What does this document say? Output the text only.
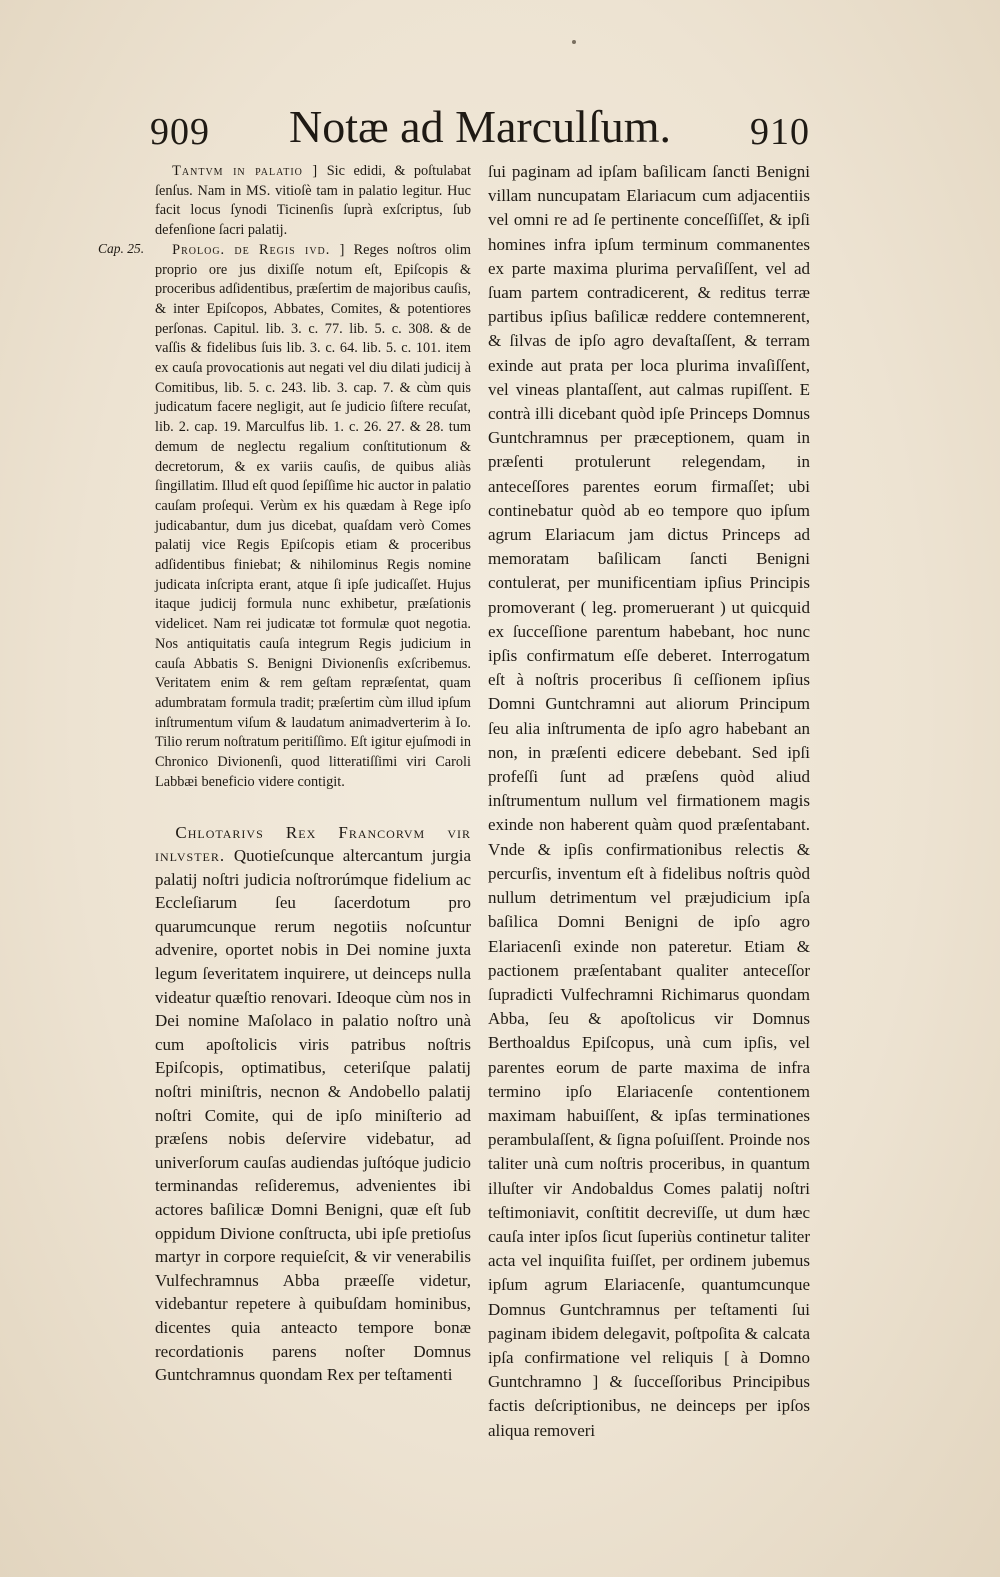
909	Notæ ad Marculſum.	910
Cap. 25.

Tantvm in palatio ] Sic edidi, & poſtulabat ſenſus. Nam in MS. vitioſè tam in palatio legitur. Huc facit locus ſynodi Ticinenſis ſuprà exſcriptus, ſub defenſione ſacri palatij.

Prolog. de Regis ivd. ] Reges noſtros olim proprio ore jus dixiſſe notum eſt, Epiſcopis & proceribus adſidentibus, præſertim de majoribus cauſis, & inter Epiſcopos, Abbates, Comites, & potentiores perſonas. Capitul. lib. 3. c. 77. lib. 5. c. 308. & de vaſſis & fidelibus ſuis lib. 3. c. 64. lib. 5. c. 101. item ex cauſa provocationis aut negati vel diu dilati judicij à Comitibus, lib. 5. c. 243. lib. 3. cap. 7. & cùm quis judicatum facere negligit, aut ſe judicio ſiſtere recuſat, lib. 2. cap. 19. Marculfus lib. 1. c. 26. 27. & 28. tum demum de neglectu regalium conſtitutionum & decretorum, & ex variis cauſis, de quibus aliàs ſingillatim. Illud eſt quod ſepiſſime hic auctor in palatio cauſam proſequi. Verùm ex his quædam à Rege ipſo judicabantur, dum jus dicebat, quaſdam verò Comes palatij vice Regis Epiſcopis etiam & proceribus adſidentibus finiebat; & nihilominus Regis nomine judicata inſcripta erant, atque ſi ipſe judicaſſet. Hujus itaque judicij formula nunc exhibetur, præſationis videlicet. Nam rei judicatæ tot formulæ quot negotia. Nos antiquitatis cauſa integrum Regis judicium in cauſa Abbatis S. Benigni Divionenſis exſcribemus. Veritatem enim & rem geſtam repræſentat, quam adumbratam formula tradit; præſertim cùm illud ipſum inſtrumentum viſum & laudatum animadverterim à Io. Tilio rerum noſtratum peritiſſimo. Eſt igitur ejuſmodi in Chronico Divionenſi, quod litteratiſſimi viri Caroli Labbæi beneficio videre contigit.

Chlotarivs Rex Francorvm vir inlvster. Quotieſcunque altercantum jurgia palatij noſtri judicia noſtrorúmque fidelium ac Eccleſiarum ſeu ſacerdotum pro quarumcunque rerum negotiis noſcuntur advenire, oportet nobis in Dei nomine juxta legum ſeveritatem inquirere, ut deinceps nulla videatur quæſtio renovari. Ideoque cùm nos in Dei nomine Maſolaco in palatio noſtro unà cum apoſtolicis viris patribus noſtris Epiſcopis, optimatibus, ceteriſque palatij noſtri miniſtris, necnon & Andobello palatij noſtri Comite, qui de ipſo miniſterio ad præſens nobis deſervire videbatur, ad univerſorum cauſas audiendas juſtóque judicio terminandas reſideremus, advenientes ibi actores baſilicæ Domni Benigni, quæ eſt ſub oppidum Divione conſtructa, ubi ipſe pretioſus martyr in corpore requieſcit, & vir venerabilis Vulfechramnus Abba præeſſe videtur, videbantur repetere à quibuſdam hominibus, dicentes quia anteacto tempore bonæ recordationis parens noſter Domnus Guntchramnus quondam Rex per teſtamenti

ſui paginam ad ipſam baſilicam ſancti Benigni villam nuncupatam Elariacum cum adjacentiis vel omni re ad ſe pertinente conceſſiſſet, & ipſi homines infra ipſum terminum commanentes ex parte maxima plurima pervaſiſſent, vel ad ſuam partem contradicerent, & reditus terræ partibus ipſius baſilicæ reddere contemnerent, & ſilvas de ipſo agro devaſtaſſent, & terram exinde aut prata per loca plurima invaſiſſent, vel vineas plantaſſent, aut calmas rupiſſent. E contrà illi dicebant quòd ipſe Princeps Domnus Guntchramnus per præceptionem, quam in præſenti protulerunt relegendam, in anteceſſores parentes eorum firmaſſet; ubi continebatur quòd ab eo tempore quo ipſum agrum Elariacum jam dictus Princeps ad memoratam baſilicam ſancti Benigni contulerat, per munificentiam ipſius Principis promoverant ( leg. promeruerant ) ut quicquid ex ſucceſſione parentum habebant, hoc nunc ipſis confirmatum eſſe deberet. Interrogatum eſt à noſtris proceribus ſi ceſſionem ipſius Domni Guntchramni aut aliorum Principum ſeu alia inſtrumenta de ipſo agro habebant an non, in præſenti edicere debebant. Sed ipſi profeſſi ſunt ad præſens quòd aliud inſtrumentum nullum vel firmationem magis exinde non haberent quàm quod præſentabant. Vnde & ipſis confirmationibus relectis & percurſis, inventum eſt à fidelibus noſtris quòd nullum detrimentum vel præjudicium ipſa baſilica Domni Benigni de ipſo agro Elariacenſi exinde non pateretur. Etiam & pactionem præſentabant qualiter anteceſſor ſupradicti Vulfechramni Richimarus quondam Abba, ſeu & apoſtolicus vir Domnus Berthoaldus Epiſcopus, unà cum ipſis, vel parentes eorum de parte maxima de infra termino ipſo Elariacenſe contentionem maximam habuiſſent, & ipſas terminationes perambulaſſent, & ſigna poſuiſſent. Proinde nos taliter unà cum noſtris proceribus, in quantum illuſter vir Andobaldus Comes palatij noſtri teſtimoniavit, conſtitit decreviſſe, ut dum hæc cauſa inter ipſos ſicut ſuperiùs continetur taliter acta vel inquiſita fuiſſet, per ordinem jubemus ipſum agrum Elariacenſe, quantumcunque Domnus Guntchramnus per teſtamenti ſui paginam ibidem delegavit, poſtpoſita & calcata ipſa confirmatione vel reliquis [ à Domno Guntchramno ] & ſucceſſoribus Principibus factis deſcriptionibus, ne deinceps per ipſos aliqua removeri
